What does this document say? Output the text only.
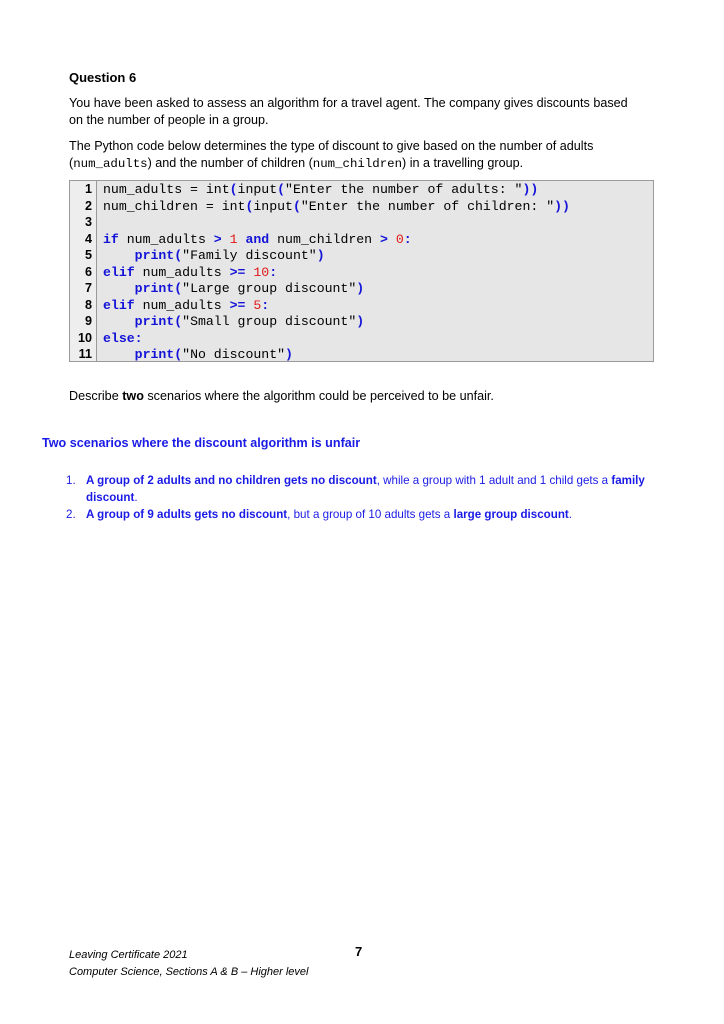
Question 6
You have been asked to assess an algorithm for a travel agent. The company gives discounts based
on the number of people in a group.
The Python code below determines the type of discount to give based on the number of adults
(num_adults) and the number of children (num_children) in a travelling group.
1
2
3
4
5
6
7
8
9
10
11
num_adults = int(input("Enter the number of adults: "))
num_children = int(input("Enter the number of children: "))
if num_adults > 1 and num_children > 0:
print("Family discount")
elif num_adults >= 10:
print("Large group discount")
elif num_adults >= 5:
print("Small group discount")
else:
print("No discount")
Describe two scenarios where the algorithm could be perceived to be unfair.
Two scenarios where the discount algorithm is unfair
1. A group of 2 adults and no children gets no discount, while a group with 1 adult and 1 child gets a family discount.
2. A group of 9 adults gets no discount, but a group of 10 adults gets a large group discount.
Leaving Certificate 2021
Computer Science, Sections A & B – Higher level
7
